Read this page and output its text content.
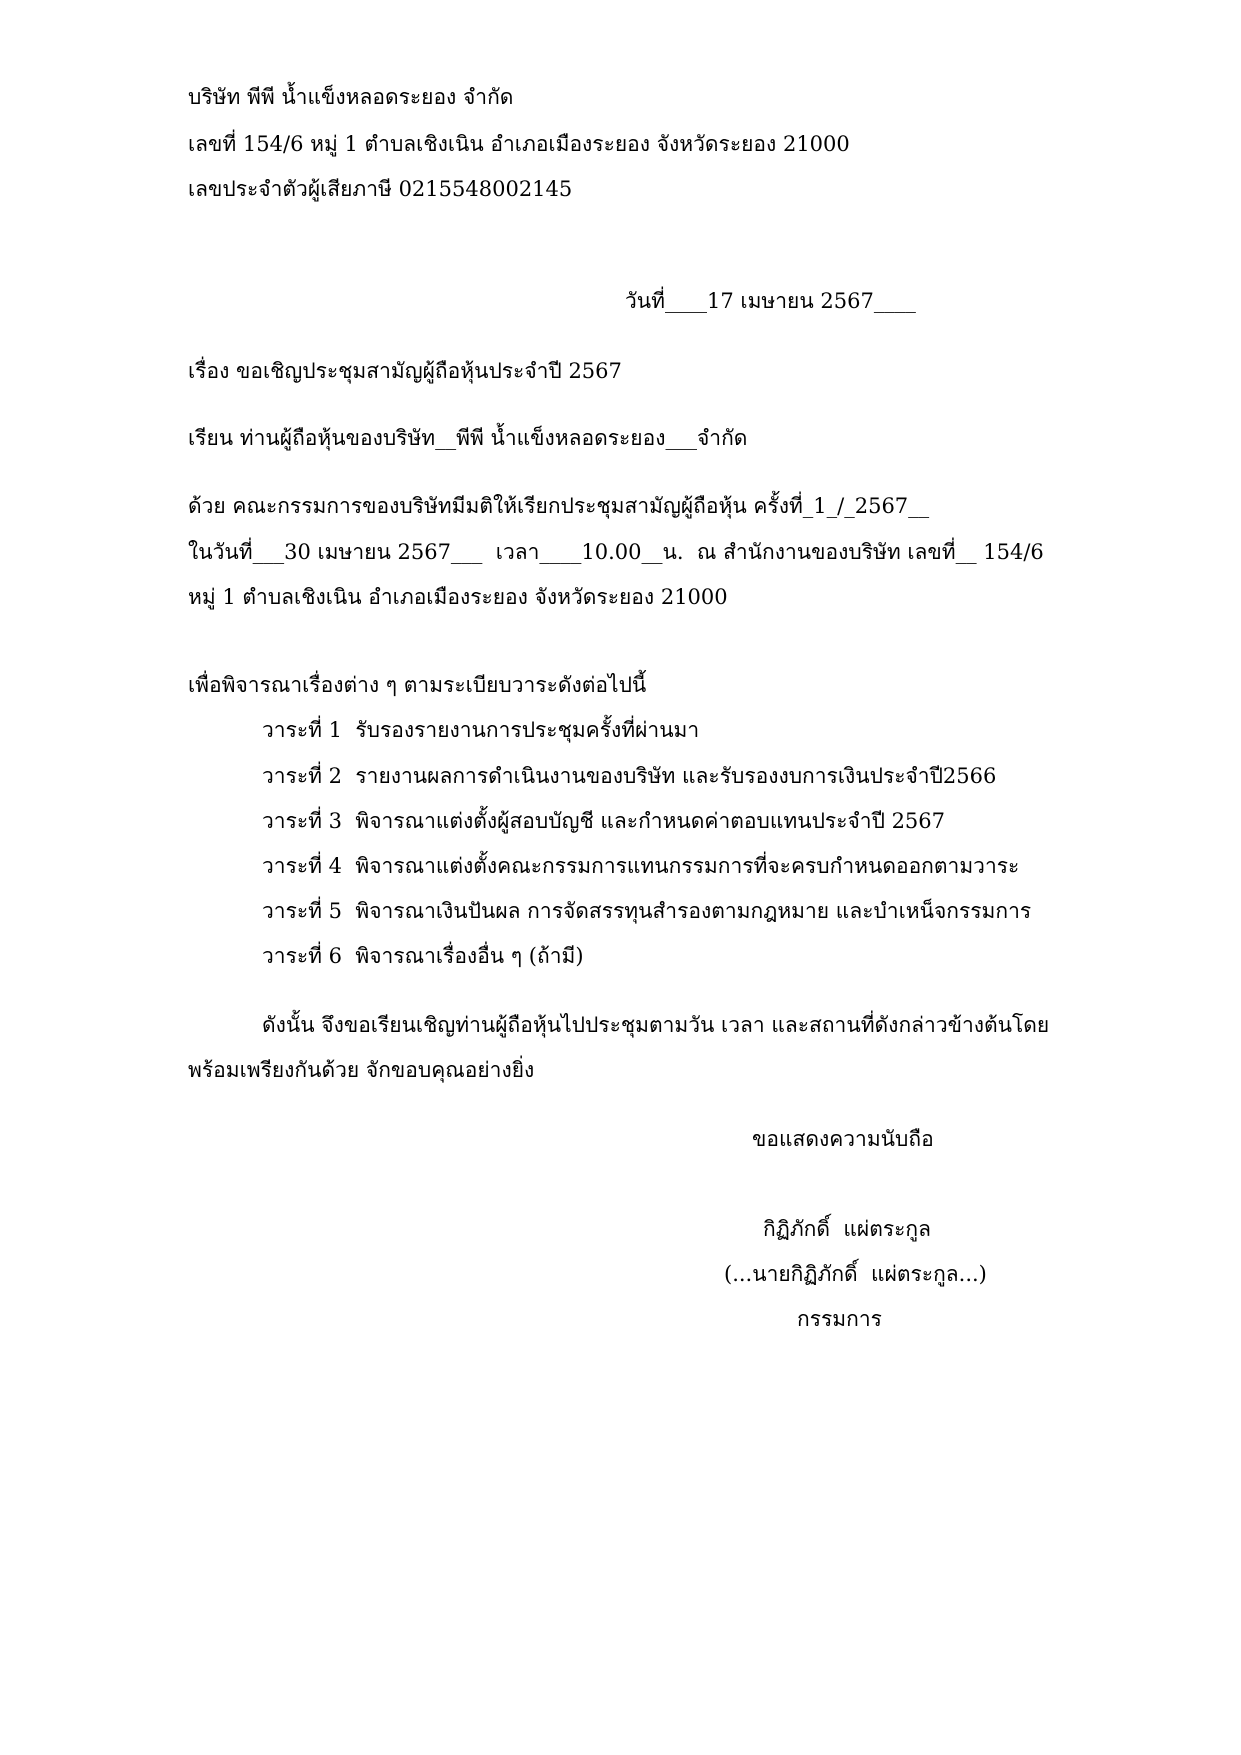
บริษัท พีพี น้ำแข็งหลอดระยอง จำกัด
เลขที่ 154/6 หมู่ 1 ตำบลเชิงเนิน อำเภอเมืองระยอง จังหวัดระยอง 21000
เลขประจำตัวผู้เสียภาษี 0215548002145
วันที่____17 เมษายน 2567____
เรื่อง ขอเชิญประชุมสามัญผู้ถือหุ้นประจำปี 2567
เรียน ท่านผู้ถือหุ้นของบริษัท__พีพี น้ำแข็งหลอดระยอง___จำกัด
ด้วย คณะกรรมการของบริษัทมีมติให้เรียกประชุมสามัญผู้ถือหุ้น ครั้งที่_1_/_2567__
ในวันที่___30 เมษายน 2567___  เวลา____10.00__น.  ณ สำนักงานของบริษัท เลขที่__ 154/6
หมู่ 1 ตำบลเชิงเนิน อำเภอเมืองระยอง จังหวัดระยอง 21000
เพื่อพิจารณาเรื่องต่าง ๆ ตามระเบียบวาระดังต่อไปนี้
วาระที่ 1  รับรองรายงานการประชุมครั้งที่ผ่านมา
วาระที่ 2  รายงานผลการดำเนินงานของบริษัท และรับรองงบการเงินประจำปี2566
วาระที่ 3  พิจารณาแต่งตั้งผู้สอบบัญชี และกำหนดค่าตอบแทนประจำปี 2567
วาระที่ 4  พิจารณาแต่งตั้งคณะกรรมการแทนกรรมการที่จะครบกำหนดออกตามวาระ
วาระที่ 5  พิจารณาเงินปันผล การจัดสรรทุนสำรองตามกฎหมาย และบำเหน็จกรรมการ
วาระที่ 6  พิจารณาเรื่องอื่น ๆ (ถ้ามี)
ดังนั้น จึงขอเรียนเชิญท่านผู้ถือหุ้นไปประชุมตามวัน เวลา และสถานที่ดังกล่าวข้างต้นโดย
พร้อมเพรียงกันด้วย จักขอบคุณอย่างยิ่ง
ขอแสดงความนับถือ
กิฏิภักดิ์  แผ่ตระกูล
(...นายกิฏิภักดิ์  แผ่ตระกูล...)
กรรมการ
